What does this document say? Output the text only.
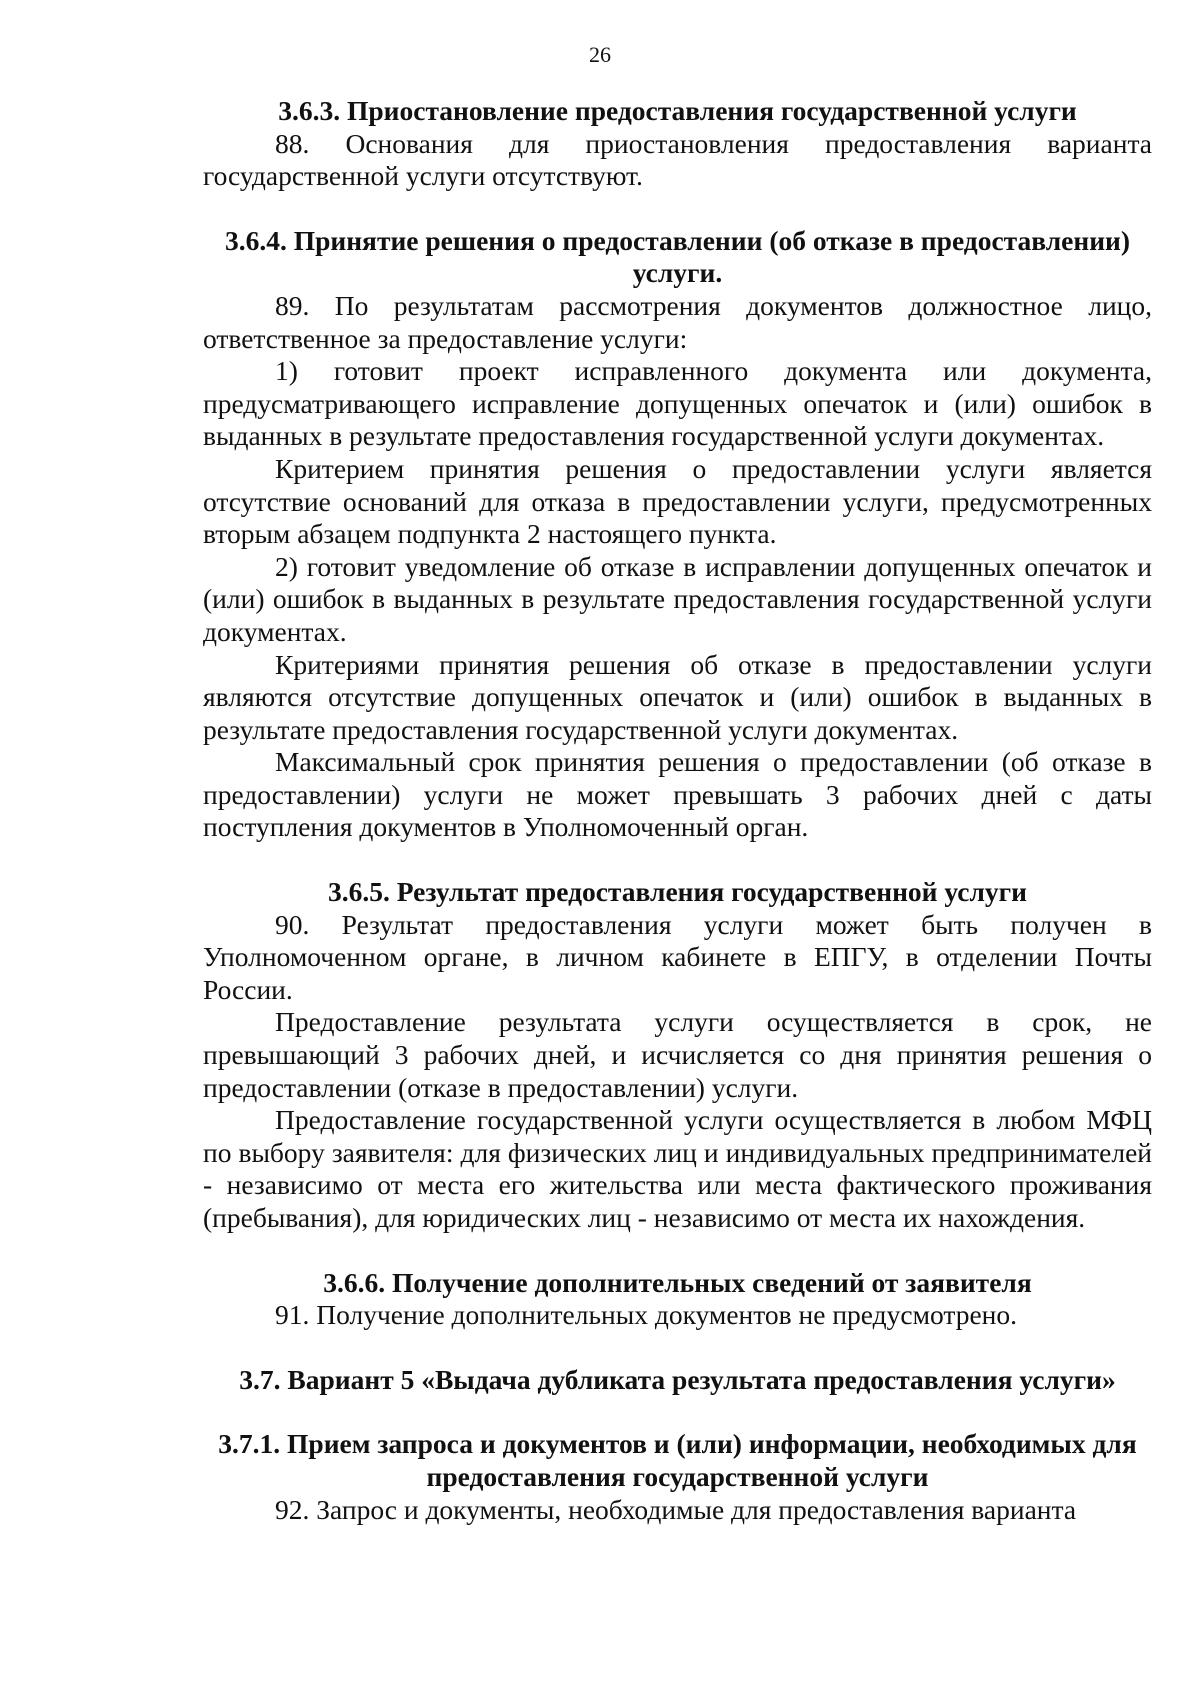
26

3.6.3. Приостановление предоставления государственной услуги

88. Основания для приостановления предоставления варианта государственной услуги отсутствуют.

3.6.4. Принятие решения о предоставлении (об отказе в предоставлении) услуги.

89. По результатам рассмотрения документов должностное лицо, ответственное за предоставление услуги:

1) готовит проект исправленного документа или документа, предусматривающего исправление допущенных опечаток и (или) ошибок в выданных в результате предоставления государственной услуги документах.

Критерием принятия решения о предоставлении услуги является отсутствие оснований для отказа в предоставлении услуги, предусмотренных вторым абзацем подпункта 2 настоящего пункта.

2) готовит уведомление об отказе в исправлении допущенных опечаток и (или) ошибок в выданных в результате предоставления государственной услуги документах.

Критериями принятия решения об отказе в предоставлении услуги являются отсутствие допущенных опечаток и (или) ошибок в выданных в результате предоставления государственной услуги документах.

Максимальный срок принятия решения о предоставлении (об отказе в предоставлении) услуги не может превышать 3 рабочих дней с даты поступления документов в Уполномоченный орган.

3.6.5. Результат предоставления государственной услуги

90. Результат предоставления услуги может быть получен в Уполномоченном органе, в личном кабинете в ЕПГУ, в отделении Почты России.

Предоставление результата услуги осуществляется в срок, не превышающий 3 рабочих дней, и исчисляется со дня принятия решения о предоставлении (отказе в предоставлении) услуги.

Предоставление государственной услуги осуществляется в любом МФЦ по выбору заявителя: для физических лиц и индивидуальных предпринимателей - независимо от места его жительства или места фактического проживания (пребывания), для юридических лиц - независимо от места их нахождения.

3.6.6. Получение дополнительных сведений от заявителя

91. Получение дополнительных документов не предусмотрено.

3.7. Вариант 5 «Выдача дубликата результата предоставления услуги»

3.7.1. Прием запроса и документов и (или) информации, необходимых для предоставления государственной услуги

92. Запрос и документы, необходимые для предоставления варианта
